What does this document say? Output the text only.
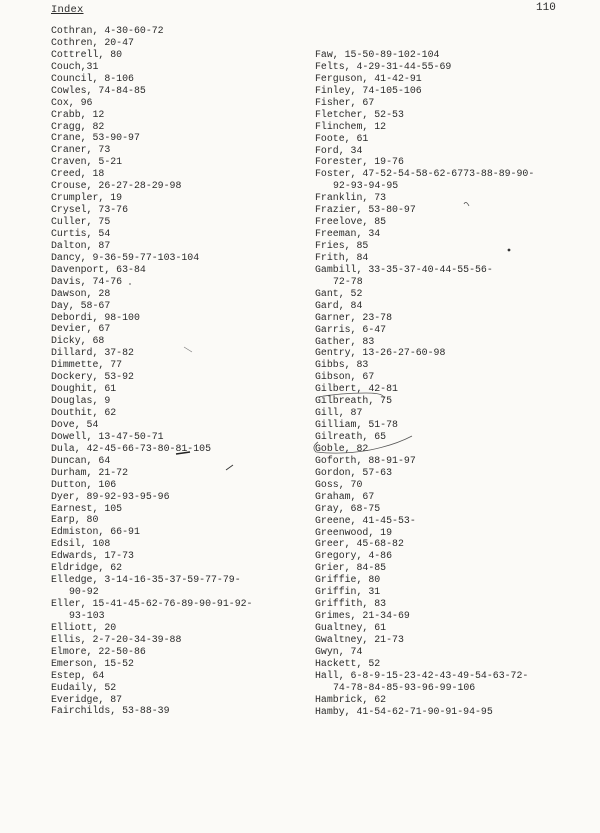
Index	110
Cothran, 4-30-60-72
Cothren, 20-47
Cottrell, 80
Couch,31
Council, 8-106
Cowles, 74-84-85
Cox, 96
Crabb, 12
Cragg, 82
Crane, 53-90-97
Craner, 73
Craven, 5-21
Creed, 18
Crouse, 26-27-28-29-98
Crumpler, 19
Crysel, 73-76
Culler, 75
Curtis, 54
Dalton, 87
Dancy, 9-36-59-77-103-104
Davenport, 63-84
Davis, 74-76
Dawson, 28
Day, 58-67
Debordi, 98-100
Devier, 67
Dicky, 68
Dillard, 37-82
Dimmette, 77
Dockery, 53-92
Doughit, 61
Douglas, 9
Douthit, 62
Dove, 54
Dowell, 13-47-50-71
Dula, 42-45-66-73-80-81-105
Duncan, 64
Durham, 21-72
Dutton, 106
Dyer, 89-92-93-95-96
Earnest, 105
Earp, 80
Edmiston, 66-91
Edsil, 108
Edwards, 17-73
Eldridge, 62
Elledge, 3-14-16-35-37-59-77-79-
90-92
Eller, 15-41-45-62-76-89-90-91-92-
93-103
Elliott, 20
Ellis, 2-7-20-34-39-88
Elmore, 22-50-86
Emerson, 15-52
Estep, 64
Eudaily, 52
Everidge, 87
Fairchilds, 53-88-39
Faw, 15-50-89-102-104
Felts, 4-29-31-44-55-69
Ferguson, 41-42-91
Finley, 74-105-106
Fisher, 67
Fletcher, 52-53
Flinchem, 12
Foote, 61
Ford, 34
Forester, 19-76
Foster, 47-52-54-58-62-6773-88-89-90-
92-93-94-95
Franklin, 73
Frazier, 53-80-97
Freelove, 85
Freeman, 34
Fries, 85
Frith, 84
Gambill, 33-35-37-40-44-55-56-
72-78
Gant, 52
Gard, 84
Garner, 23-78
Garris, 6-47
Gather, 83
Gentry, 13-26-27-60-98
Gibbs, 83
Gibson, 67
Gilbert, 42-81
Gilbreath, 75
Gill, 87
Gilliam, 51-78
Gilreath, 65
Goble, 82
Goforth, 88-91-97
Gordon, 57-63
Goss, 70
Graham, 67
Gray, 68-75
Greene, 41-45-53-
Greenwood, 19
Greer, 45-68-82
Gregory, 4-86
Grier, 84-85
Griffie, 80
Griffin, 31
Griffith, 83
Grimes, 21-34-69
Gualtney, 61
Gwaltney, 21-73
Gwyn, 74
Hackett, 52
Hall, 6-8-9-15-23-42-43-49-54-63-72-
74-78-84-85-93-96-99-106
Hambrick, 62
Hamby, 41-54-62-71-90-91-94-95
